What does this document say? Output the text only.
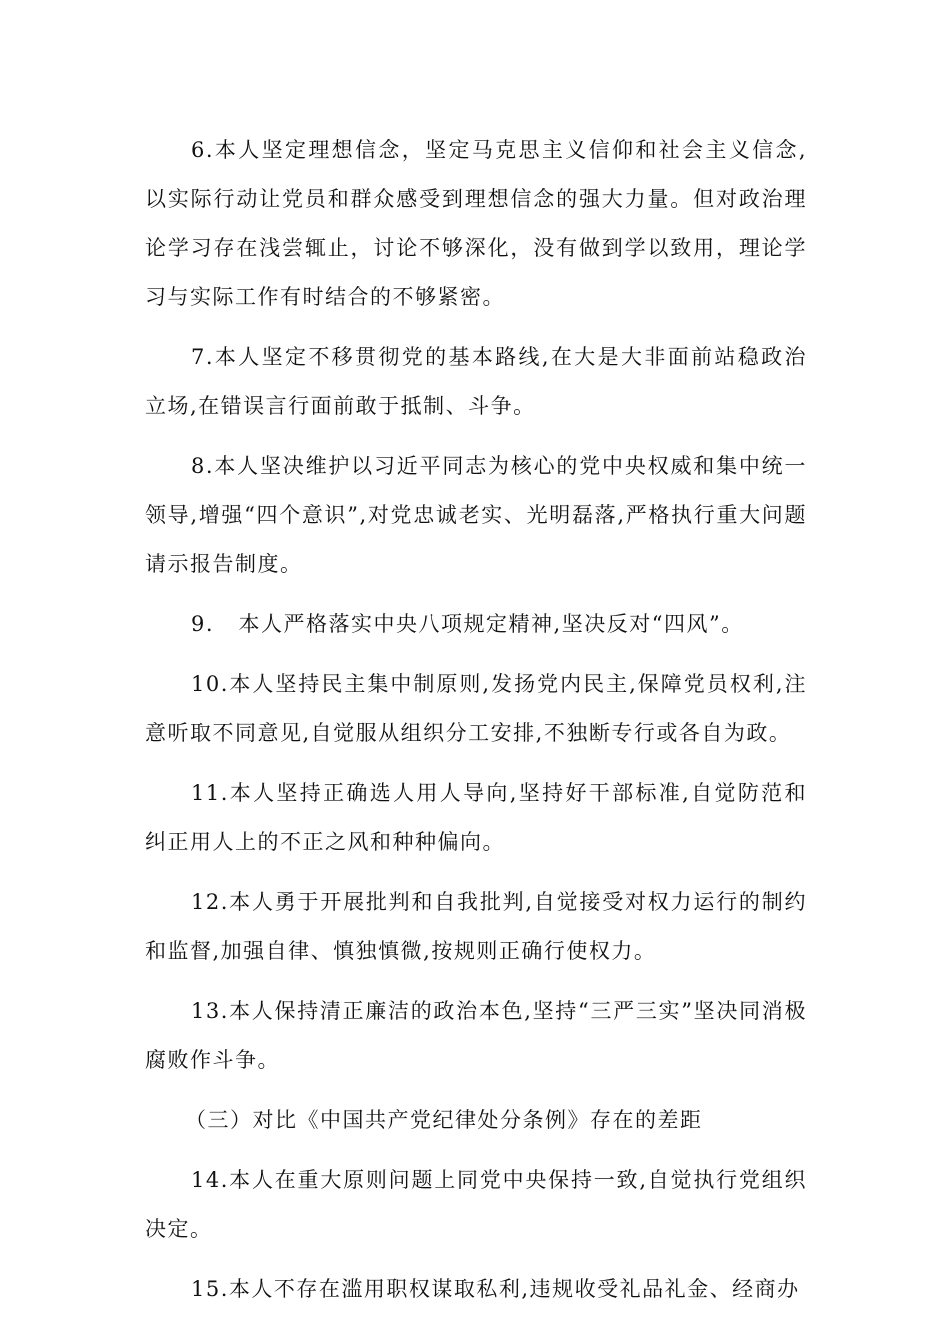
6.本人坚定理想信念，坚定马克思主义信仰和社会主义信念,以实际行动让党员和群众感受到理想信念的强大力量。但对政治理论学习存在浅尝辄止，讨论不够深化，没有做到学以致用，理论学习与实际工作有时结合的不够紧密。

7.本人坚定不移贯彻党的基本路线,在大是大非面前站稳政治立场,在错误言行面前敢于抵制、斗争。

8.本人坚决维护以习近平同志为核心的党中央权威和集中统一领导,增强“四个意识”,对党忠诚老实、光明磊落,严格执行重大问题请示报告制度。

9.   本人严格落实中央八项规定精神,坚决反对“四风”。

10.本人坚持民主集中制原则,发扬党内民主,保障党员权利,注意听取不同意见,自觉服从组织分工安排,不独断专行或各自为政。

11.本人坚持正确选人用人导向,坚持好干部标准,自觉防范和纠正用人上的不正之风和种种偏向。

12.本人勇于开展批判和自我批判,自觉接受对权力运行的制约和监督,加强自律、慎独慎微,按规则正确行使权力。

13.本人保持清正廉洁的政治本色,坚持“三严三实”坚决同消极腐败作斗争。

（三）对比《中国共产党纪律处分条例》存在的差距

14.本人在重大原则问题上同党中央保持一致,自觉执行党组织决定。

15.本人不存在滥用职权谋取私利,违规收受礼品礼金、经商办
